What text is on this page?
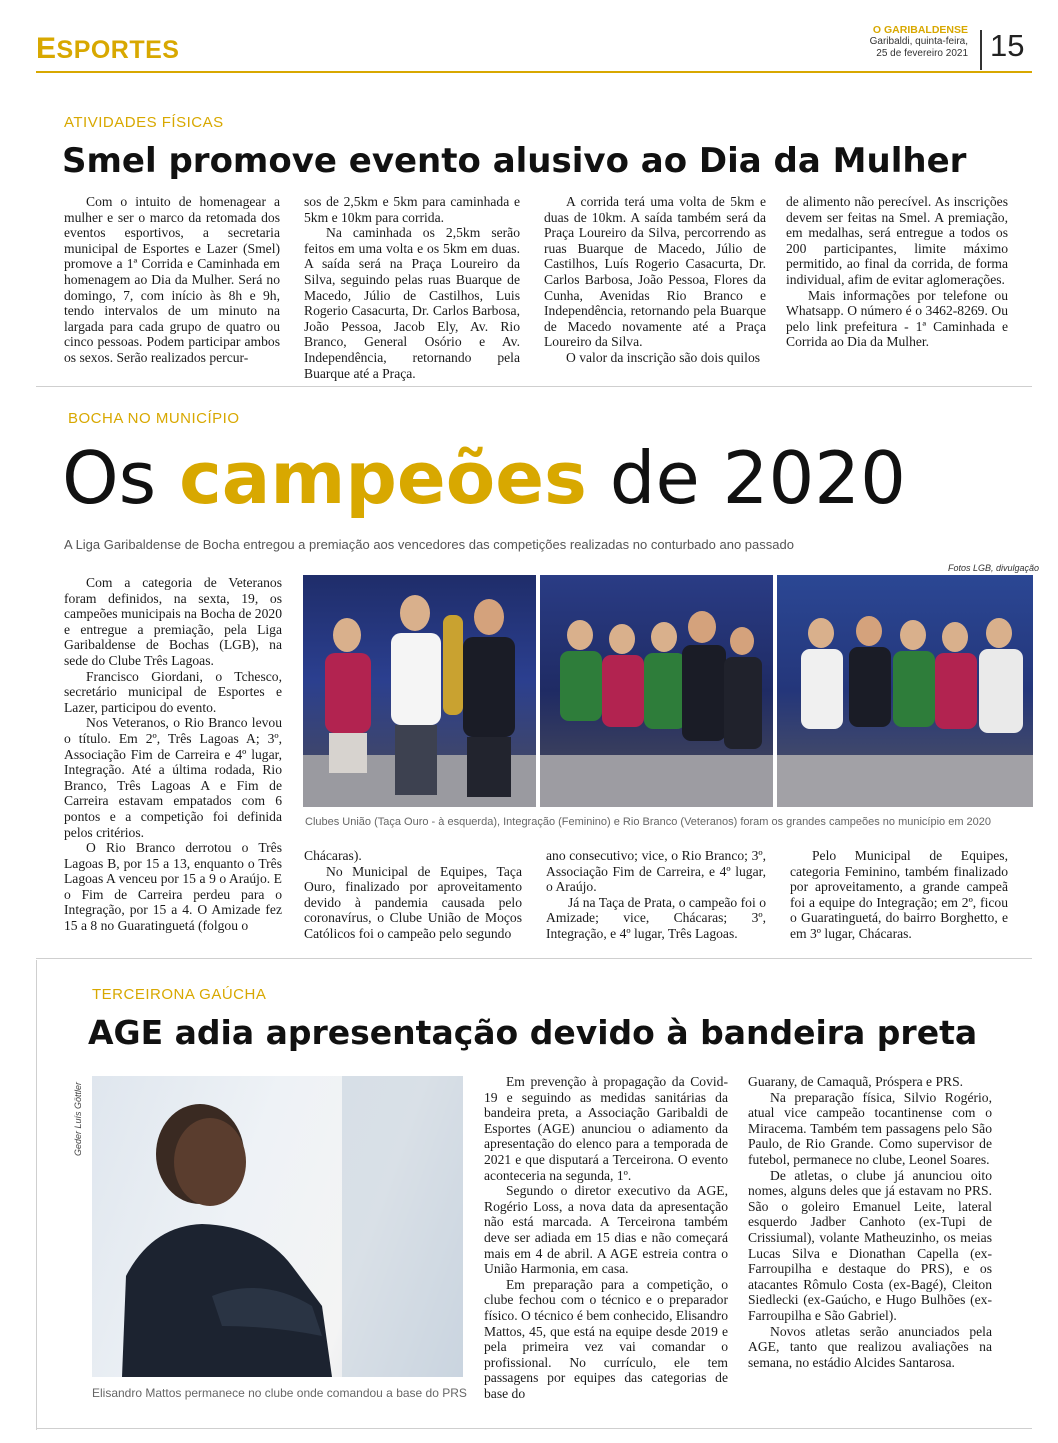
ESPORTES
O GARIBALDENSE
Garibaldi, quinta-feira,
25 de fevereiro 2021 15
ATIVIDADES FÍSICAS
Smel promove evento alusivo ao Dia da Mulher

Com o intuito de homenagear a mulher e ser o marco da retomada dos eventos esportivos, a secretaria municipal de Esportes e Lazer (Smel) promove a 1ª Corrida e Caminhada em homenagem ao Dia da Mulher. Será no domingo, 7, com início às 8h e 9h, tendo intervalos de um minuto na largada para cada grupo de quatro ou cinco pessoas. Podem participar ambos os sexos. Serão realizados percur-

sos de 2,5km e 5km para caminhada e 5km e 10km para corrida.

Na caminhada os 2,5km serão feitos em uma volta e os 5km em duas. A saída será na Praça Loureiro da Silva, seguindo pelas ruas Buarque de Macedo, Júlio de Castilhos, Luis Rogerio Casacurta, Dr. Carlos Barbosa, João Pessoa, Jacob Ely, Av. Rio Branco, General Osório e Av. Independência, retornando pela Buarque até a Praça.

A corrida terá uma volta de 5km e duas de 10km. A saída também será da Praça Loureiro da Silva, percorrendo as ruas Buarque de Macedo, Júlio de Castilhos, Luís Rogerio Casacurta, Dr. Carlos Barbosa, João Pessoa, Flores da Cunha, Avenidas Rio Branco e Independência, retornando pela Buarque de Macedo novamente até a Praça Loureiro da Silva.

O valor da inscrição são dois quilos

de alimento não perecível. As inscrições devem ser feitas na Smel. A premiação, em medalhas, será entregue a todos os 200 participantes, limite máximo permitido, ao final da corrida, de forma individual, afim de evitar aglomerações.

Mais informações por telefone ou Whatsapp. O número é o 3462-8269. Ou pelo link prefeitura - 1ª Caminhada e Corrida ao Dia da Mulher.

BOCHA NO MUNICÍPIO
Os campeões de 2020
A Liga Garibaldense de Bocha entregou a premiação aos vencedores das competições realizadas no conturbado ano passado
Fotos LGB, divulgação

Com a categoria de Veteranos foram definidos, na sexta, 19, os campeões municipais na Bocha de 2020 e entregue a premiação, pela Liga Garibaldense de Bochas (LGB), na sede do Clube Três Lagoas.

Francisco Giordani, o Tchesco, secretário municipal de Esportes e Lazer, participou do evento.

Nos Veteranos, o Rio Branco levou o título. Em 2º, Três Lagoas A; 3º, Associação Fim de Carreira e 4º lugar, Integração. Até a última rodada, Rio Branco, Três Lagoas A e Fim de Carreira estavam empatados com 6 pontos e a competição foi definida pelos critérios.

O Rio Branco derrotou o Três Lagoas B, por 15 a 13, enquanto o Três Lagoas A venceu por 15 a 9 o Araújo. E o Fim de Carreira perdeu para o Integração, por 15 a 4. O Amizade fez 15 a 8 no Guaratinguetá (folgou o

Clubes União (Taça Ouro - à esquerda), Integração (Feminino) e Rio Branco (Veteranos) foram os grandes campeões no município em 2020

Chácaras).

No Municipal de Equipes, Taça Ouro, finalizado por aproveitamento devido à pandemia causada pelo coronavírus, o Clube União de Moços Católicos foi o campeão pelo segundo

ano consecutivo; vice, o Rio Branco; 3º, Associação Fim de Carreira, e 4º lugar, o Araújo.

Já na Taça de Prata, o campeão foi o Amizade; vice, Chácaras; 3º, Integração, e 4º lugar, Três Lagoas.

Pelo Municipal de Equipes, categoria Feminino, também finalizado por aproveitamento, a grande campeã foi a equipe do Integração; em 2º, ficou o Guaratinguetá, do bairro Borghetto, e em 3º lugar, Chácaras.

TERCEIRONA GAÚCHA
AGE adia apresentação devido à bandeira preta
Geder Luís Göttler
Elisandro Mattos permanece no clube onde comandou a base do PRS

Em prevenção à propagação da Covid-19 e seguindo as medidas sanitárias da bandeira preta, a Associação Garibaldi de Esportes (AGE) anunciou o adiamento da apresentação do elenco para a temporada de 2021 e que disputará a Terceirona. O evento aconteceria na segunda, 1º.

Segundo o diretor executivo da AGE, Rogério Loss, a nova data da apresentação não está marcada. A Terceirona também deve ser adiada em 15 dias e não começará mais em 4 de abril. A AGE estreia contra o União Harmonia, em casa.

Em preparação para a competição, o clube fechou com o técnico e o preparador físico. O técnico é bem conhecido, Elisandro Mattos, 45, que está na equipe desde 2019 e pela primeira vez vai comandar o profissional. No currículo, ele tem passagens por equipes das categorias de base do

Guarany, de Camaquã, Próspera e PRS.

Na preparação física, Silvio Rogério, atual vice campeão tocantinense com o Miracema. Também tem passagens pelo São Paulo, de Rio Grande. Como supervisor de futebol, permanece no clube, Leonel Soares.

De atletas, o clube já anunciou oito nomes, alguns deles que já estavam no PRS. São o goleiro Emanuel Leite, lateral esquerdo Jadber Canhoto (ex-Tupi de Crissiumal), volante Matheuzinho, os meias Lucas Silva e Dionathan Capella (ex-Farroupilha e destaque do PRS), e os atacantes Rômulo Costa (ex-Bagé), Cleiton Siedlecki (ex-Gaúcho, e Hugo Bulhões (ex-Farroupilha e São Gabriel).

Novos atletas serão anunciados pela AGE, tanto que realizou avaliações na semana, no estádio Alcides Santarosa.
